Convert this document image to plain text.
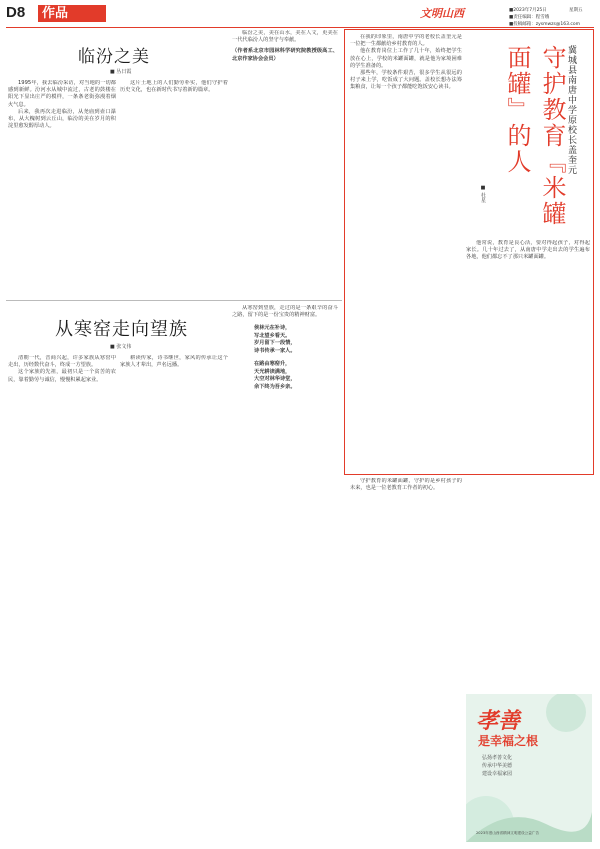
D8 作品	文明山西	■2023年7月25日	星期五
■责任编辑：程雪娥
■投稿邮箱：zysmwzs@163.com
临汾之美
■ 丛日霞

1995年，我去临汾采访，对当地的一切都感到新鲜。汾河水从城中流过，古老的鼓楼在阳光下显出庄严的模样，一条条老街弥漫着烟火气息。

后来，我再次走进临汾，从尧庙到壶口瀑布，从大槐树到云丘山，临汾的美在岁月的积淀里愈发醇厚动人。

这片土地上的人们勤劳朴实，他们守护着历史文化，也在新时代书写着新的篇章。

临汾之美，美在山水，美在人文，更美在一代代临汾人的坚守与奉献。

（作者系北京市园林科学研究院教授级高工、北京作家协会会员）

从寒窑走向望族
■ 张文伟

清朝一代，晋商兴起，许多家族从寒窑中走出，历经数代奋斗，终成一方望族。

这个家族的先祖，最初只是一个贫苦的农民，靠着勤劳与诚信，慢慢积累起家业。

耕读传家，诗书继世，家风的传承让这个家族人才辈出，声名远播。

从寒窑到望族，走过的是一条艰辛的奋斗之路，留下的是一份宝贵的精神财富。

侯林元在补诗，
写北望乡看天。
岁月留下一段情，
诗书传承一家人。
在路由寒窑升，
天光耕读满地，
大空对林华诗堂，
余下终为吾乡亲。

在我的印象里，南唐中学的老校长盖奎元是一位把一生都献给乡村教育的人。

他在教育岗位上工作了几十年，始终把学生放在心上，学校的米罐面罐，就是他为家境困难的学生准备的。

那些年，学校条件艰苦，很多学生从很远的村子来上学，吃饭成了大问题。盖校长想办法筹集粮食，让每一个孩子都能吃饱饭安心读书。

他常说，教育是良心活，要对得起孩子，对得起家长。几十年过去了，从南唐中学走出去的学生遍布各地，他们都忘不了那只米罐面罐。

冀城县南唐中学原校长盖奎元
守护教育『米罐面罐』的人
■ 杜星

守护教育的米罐面罐，守护的是乡村孩子的未来，也是一位老教育工作者的初心。

孝善
是幸福之根
弘扬孝善文化
传承中华美德
建设幸福家园
2023年度山西省精神文明建设公益广告
